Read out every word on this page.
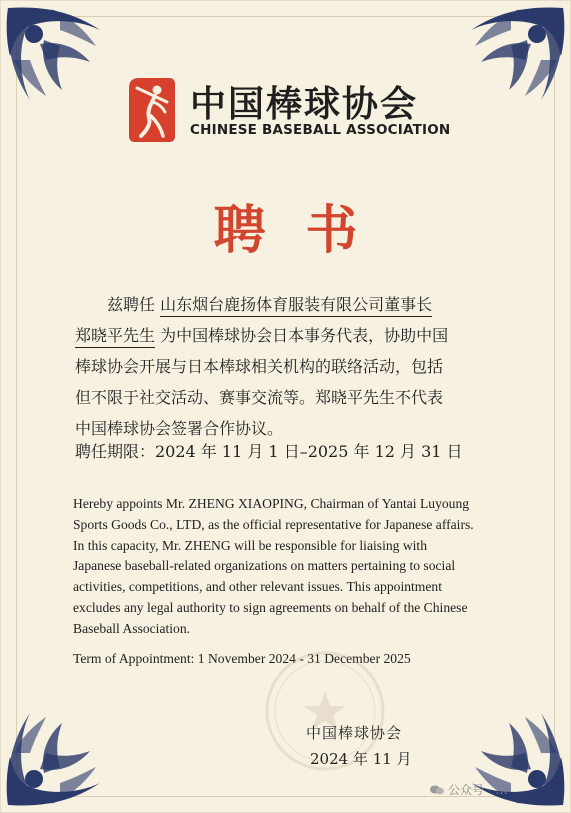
中国棒球协会
CHINESE BASEBALL ASSOCIATION
聘书
兹聘任 山东烟台鹿扬体育服装有限公司董事长
郑晓平先生 为中国棒球协会日本事务代表，协助中国
棒球协会开展与日本棒球相关机构的联络活动，包括
但不限于社交活动、赛事交流等。郑晓平先生不代表
中国棒球协会签署合作协议。
聘任期限：2024 年 11 月 1 日–2025 年 12 月 31 日
Hereby appoints Mr. ZHENG XIAOPING, Chairman of Yantai Luyoung
Sports Goods Co., LTD, as the official representative for Japanese affairs.
In this capacity, Mr. ZHENG will be responsible for liaising with
Japanese baseball-related organizations on matters pertaining to social
activities, competitions, and other relevant issues. This appointment
excludes any legal authority to sign agreements on behalf of the Chinese
Baseball Association.
Term of Appointment: 1 November 2024 - 31 December 2025
中国棒球协会
2024 年 11 月
公众号 · …
